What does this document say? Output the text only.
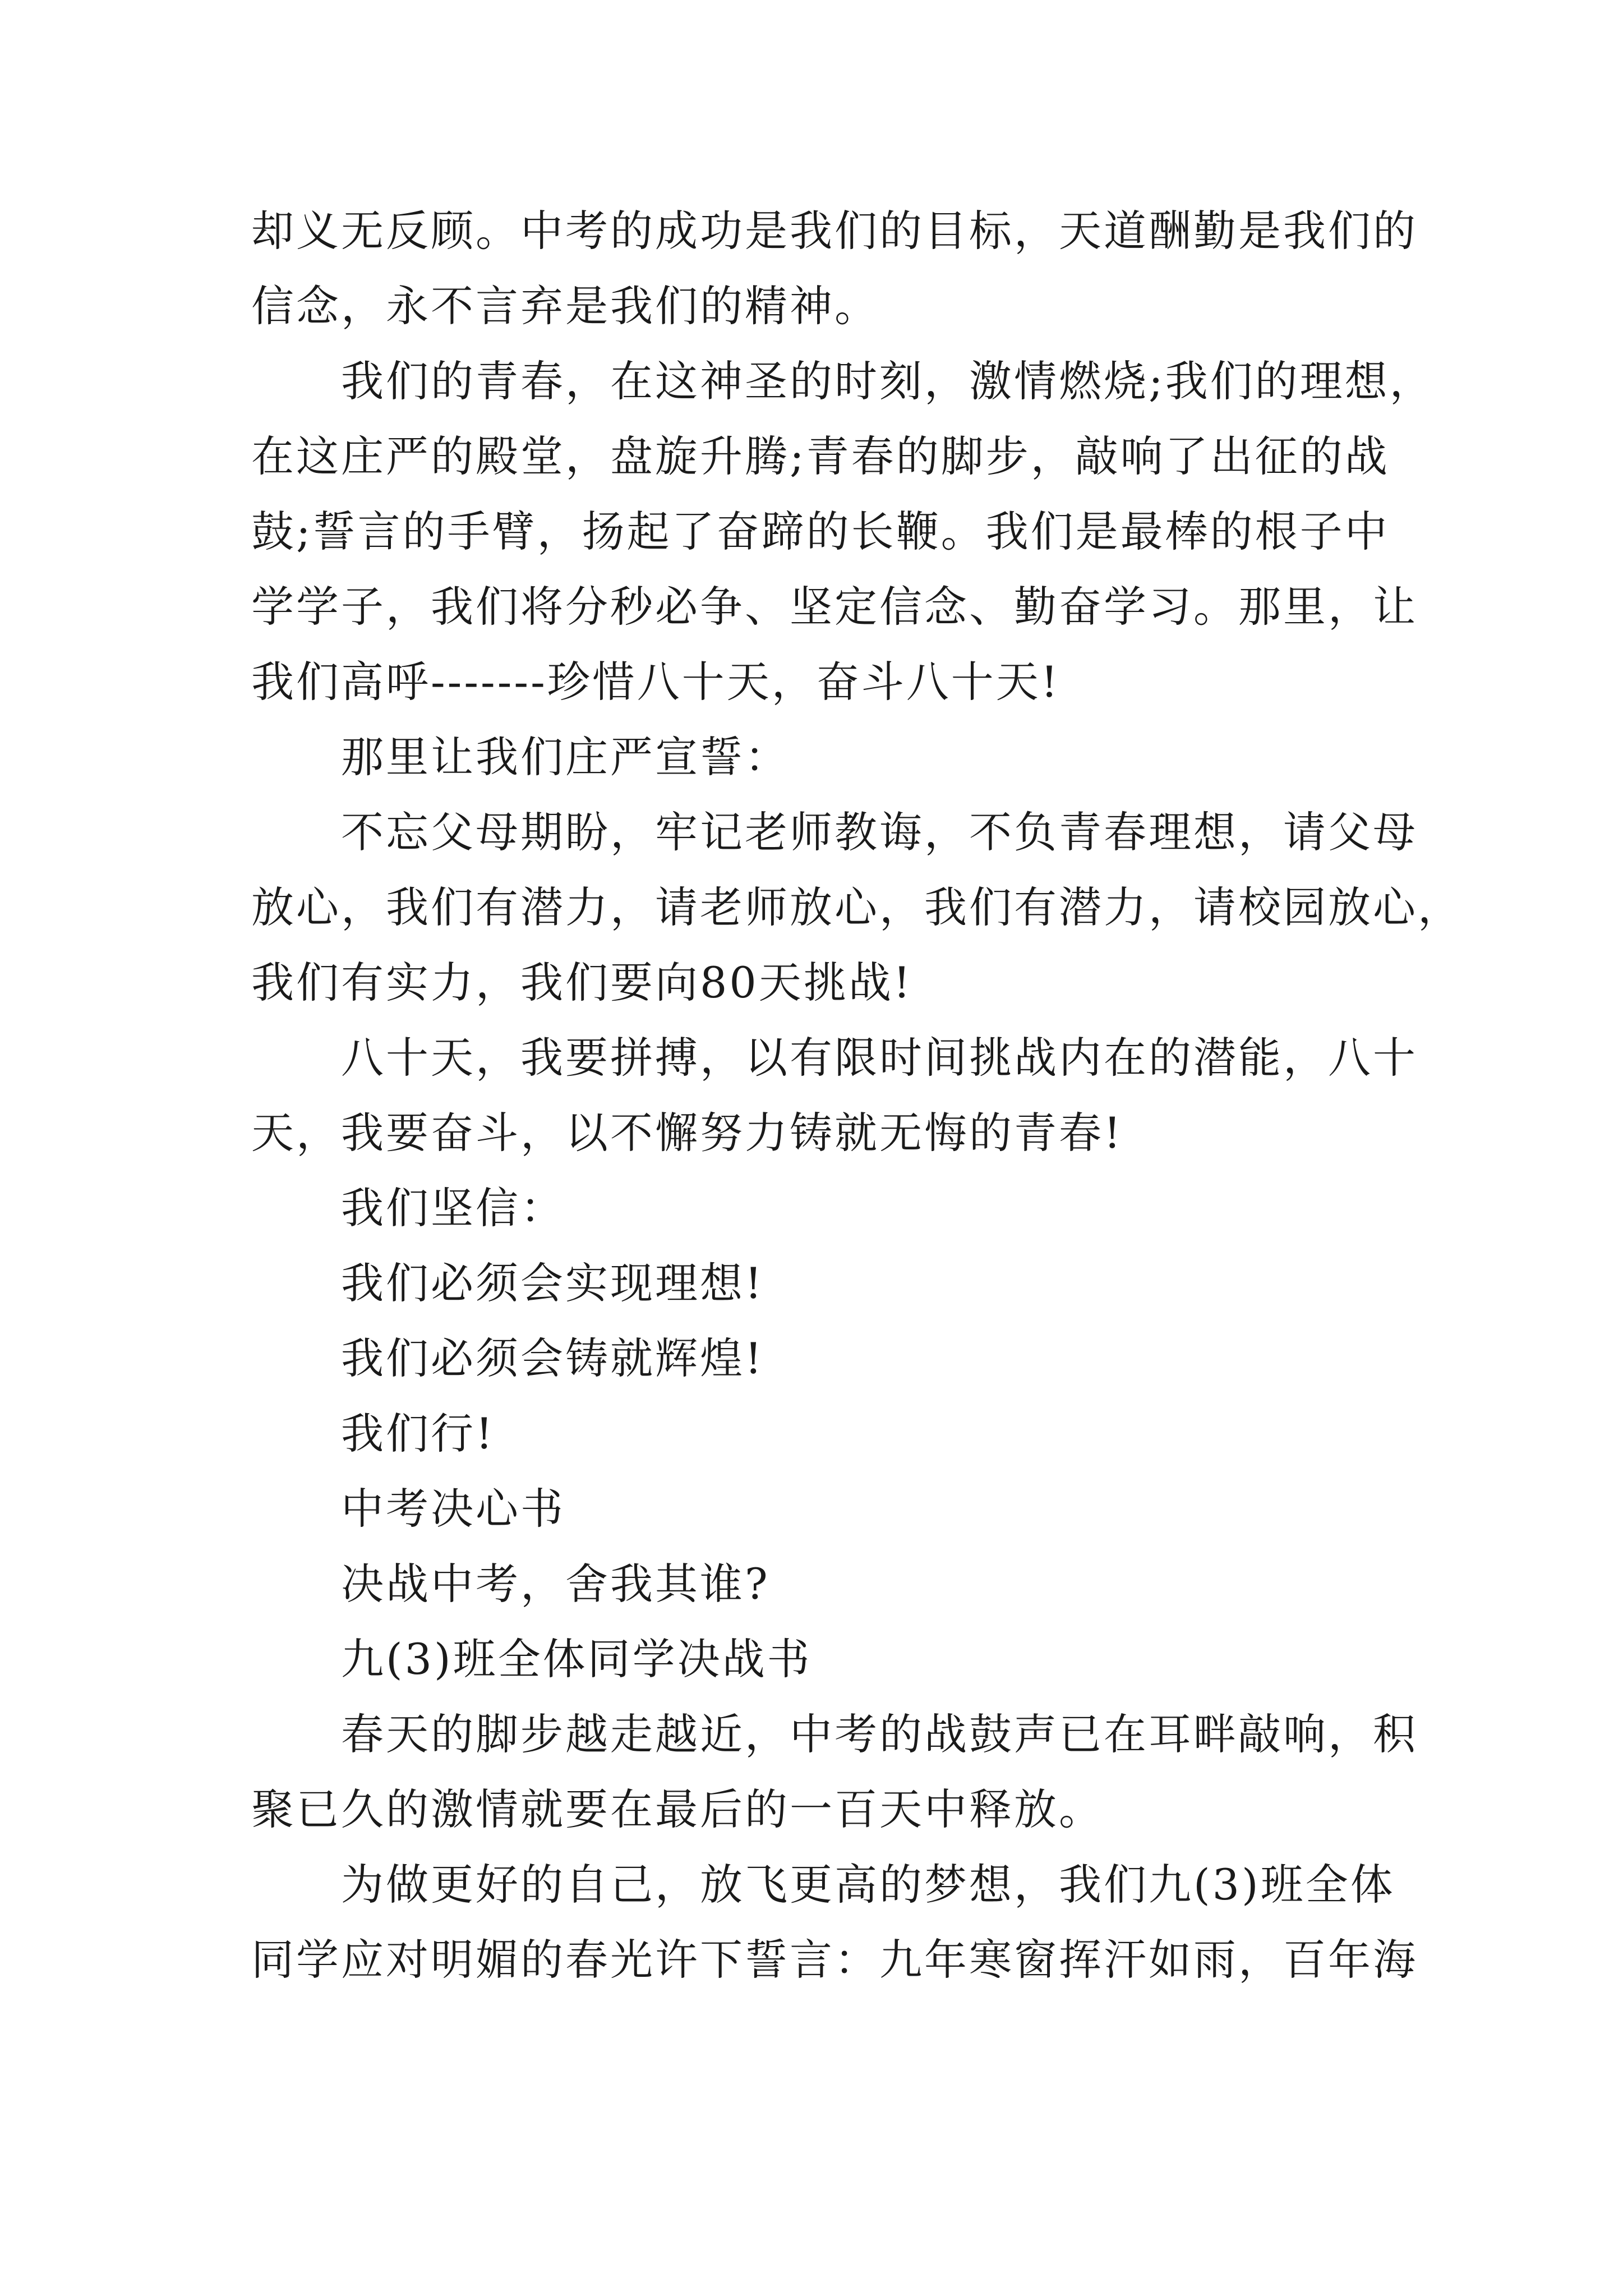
却义无反顾。中考的成功是我们的目标，天道酬勤是我们的
信念，永不言弃是我们的精神。
我们的青春，在这神圣的时刻，激情燃烧;我们的理想，
在这庄严的殿堂，盘旋升腾;青春的脚步，敲响了出征的战
鼓;誓言的手臂，扬起了奋蹄的长鞭。我们是最棒的根子中
学学子，我们将分秒必争、坚定信念、勤奋学习。那里，让
我们高呼-------珍惜八十天，奋斗八十天!
那里让我们庄严宣誓：
不忘父母期盼，牢记老师教诲，不负青春理想，请父母
放心，我们有潜力，请老师放心，我们有潜力，请校园放心，
我们有实力，我们要向80天挑战!
八十天，我要拼搏，以有限时间挑战内在的潜能，八十
天，我要奋斗，以不懈努力铸就无悔的青春!
我们坚信：
我们必须会实现理想!
我们必须会铸就辉煌!
我们行!
中考决心书
决战中考，舍我其谁?
九(3)班全体同学决战书
春天的脚步越走越近，中考的战鼓声已在耳畔敲响，积
聚已久的激情就要在最后的一百天中释放。
为做更好的自己，放飞更高的梦想，我们九(3)班全体
同学应对明媚的春光许下誓言：九年寒窗挥汗如雨，百年海
